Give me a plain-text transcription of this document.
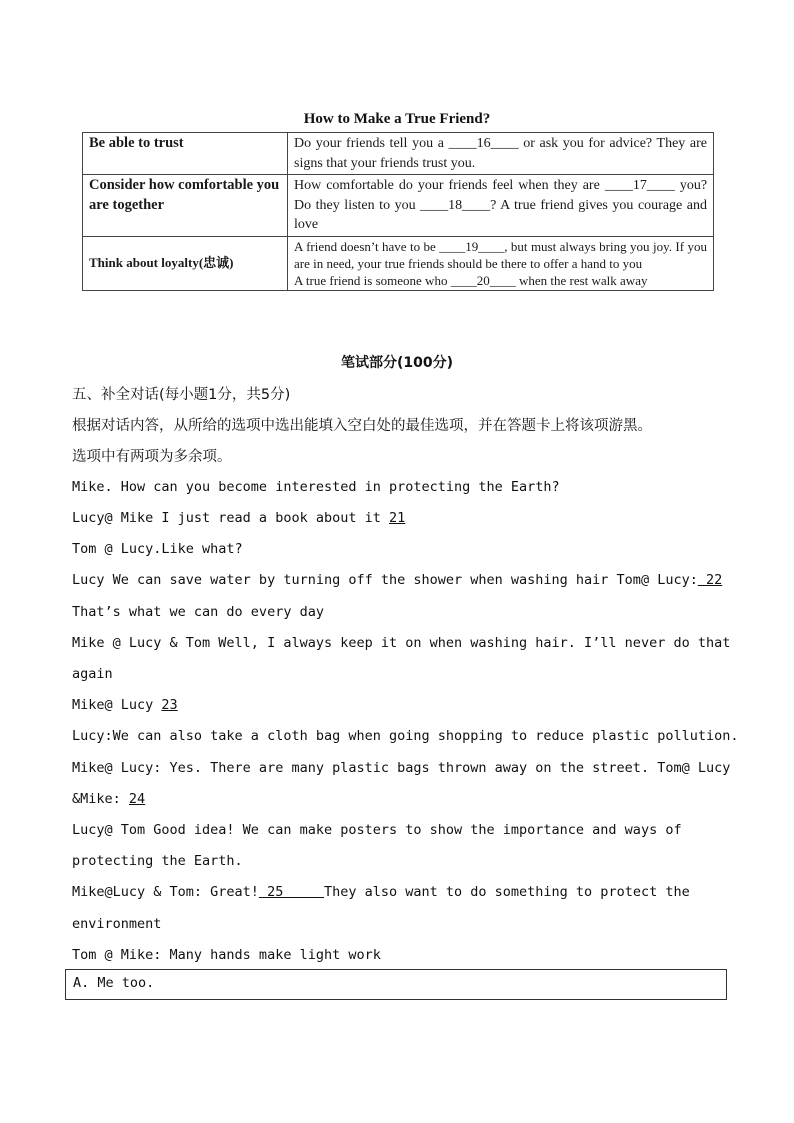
How to Make a True Friend?
Be able to trust	Do your friends tell you a ____16____ or ask you for advice? They are signs that your friends trust you.
Consider how comfortable you are together	How comfortable do your friends feel when they are ____17____ you? Do they listen to you ____18____? A true friend gives you courage and love
Think about loyalty(忠诚)	A friend doesn’t have to be ____19____, but must always bring you joy. If you are in need, your true friends should be there to offer a hand to you
A true friend is someone who ____20____ when the rest walk away
笔试部分(100分)
五、补全对话(每小题1分，共5分)
根据对话内答，从所给的选项中选出能填入空白处的最佳选项，并在答题卡上将该项游黑。
选项中有两项为多余项。
Mike. How can you become interested in protecting the Earth?
Lucy@ Mike I just read a book about it 21
Tom @ Lucy.Like what?
Lucy We can save water by turning off the shower when washing hair Tom@ Lucy: 22
That’s what we can do every day
Mike @ Lucy & Tom Well, I always keep it on when washing hair. I’ll never do that
again
Mike@ Lucy 23
Lucy:We can also take a cloth bag when going shopping to reduce plastic pollution.
Mike@ Lucy: Yes. There are many plastic bags thrown away on the street. Tom@ Lucy
&Mike: 24
Lucy@ Tom Good idea! We can make posters to show the importance and ways of
protecting the Earth.
Mike@Lucy & Tom: Great! 25     They also want to do something to protect the
environment
Tom @ Mike: Many hands make light work
A. Me too.
